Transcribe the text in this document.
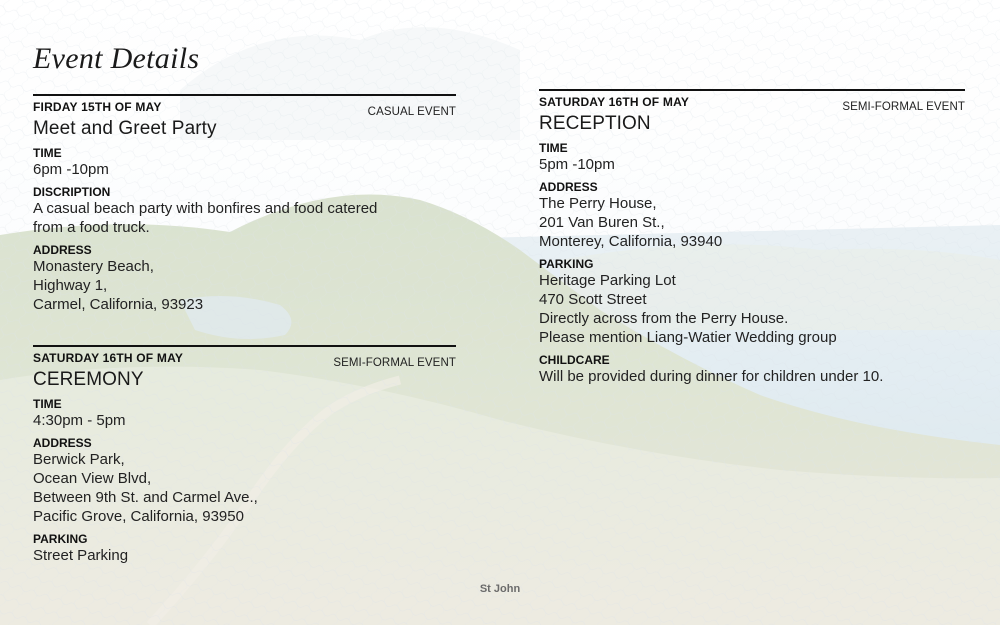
Event Details
FIRDAY 15TH OF MAY	CASUAL EVENT
Meet and Greet Party
TIME
6pm -10pm
DISCRIPTION
A casual beach party with bonfires and food catered
from a food truck.
ADDRESS
Monastery Beach,
Highway 1,
Carmel, California, 93923
SATURDAY 16TH OF MAY	SEMI-FORMAL EVENT
CEREMONY
TIME
4:30pm - 5pm
ADDRESS
Berwick Park,
Ocean View Blvd,
Between 9th St. and Carmel Ave.,
Pacific Grove, California, 93950
PARKING
Street Parking
SATURDAY 16TH OF MAY	SEMI-FORMAL EVENT
RECEPTION
TIME
5pm -10pm
ADDRESS
The Perry House,
201 Van Buren St.,
Monterey, California, 93940
PARKING
Heritage Parking Lot
470 Scott Street
Directly across from the Perry House.
Please mention Liang-Watier Wedding group
CHILDCARE
Will be provided during dinner for children under 10.
St John
